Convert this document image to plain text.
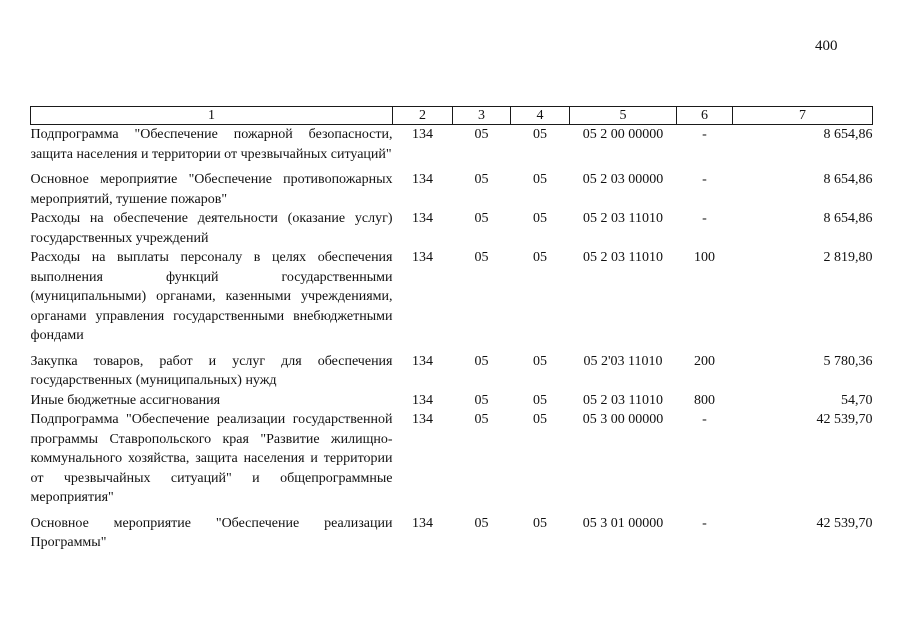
400
1	2	3	4	5	6	7
Подпрограмма "Обеспечение пожарной безопасности, защита населения и территории от чрезвычайных ситуаций"	134	05	05	05 2 00 00000	-	8 654,86
Основное мероприятие "Обеспечение противопожарных мероприятий, тушение пожаров"	134	05	05	05 2 03 00000	-	8 654,86
Расходы на обеспечение деятельности (оказание услуг) государственных учреждений	134	05	05	05 2 03 11010	-	8 654,86
Расходы на выплаты персоналу в целях обеспечения выполнения функций государственными (муниципальными) органами, казенными учреждениями, органами управления государственными внебюджетными фондами	134	05	05	05 2 03 11010	100	2 819,80
Закупка товаров, работ и услуг для обеспечения государственных (муниципальных) нужд	134	05	05	05 2'03 11010	200	5 780,36
Иные бюджетные ассигнования	134	05	05	05 2 03 11010	800	54,70
Подпрограмма "Обеспечение реализации государственной программы Ставропольского края "Развитие жилищно-коммунального хозяйства, защита населения и территории от чрезвычайных ситуаций" и общепрограммные мероприятия"	134	05	05	05 3 00 00000	-	42 539,70
Основное мероприятие "Обеспечение реализации Программы"	134	05	05	05 3 01 00000	-	42 539,70
